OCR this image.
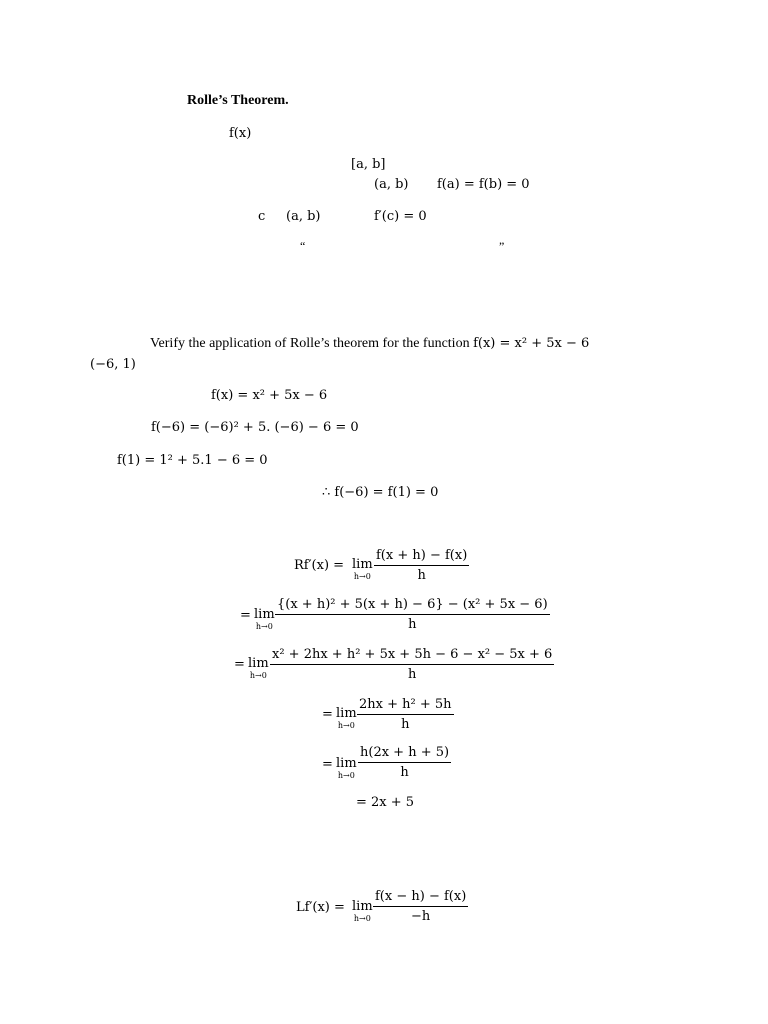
Rolle’s Theorem.
f(x)
[a, b]
(a, b) f(a) = f(b) = 0
c (a, b)	f′(c) = 0
“	”
Verify the application of Rolle’s theorem for the function f(x) = x² + 5x − 6
(−6, 1)
f(x) = x² + 5x − 6
f(−6) = (−6)² + 5. (−6) − 6 = 0
f(1) = 1² + 5.1 − 6 = 0
∴ f(−6) = f(1) = 0
Rf′(x) = lim
h→0
f(x + h) − f(x)
h
= lim
h→0
{(x + h)² + 5(x + h) − 6} − (x² + 5x − 6)
h
= lim
h→0
x² + 2hx + h² + 5x + 5h − 6 − x² − 5x + 6
h
= lim
h→0
2hx + h² + 5h
h
= lim
h→0
h(2x + h + 5)
h
= 2x + 5
Lf′(x) = lim
h→0
f(x − h) − f(x)
−h
